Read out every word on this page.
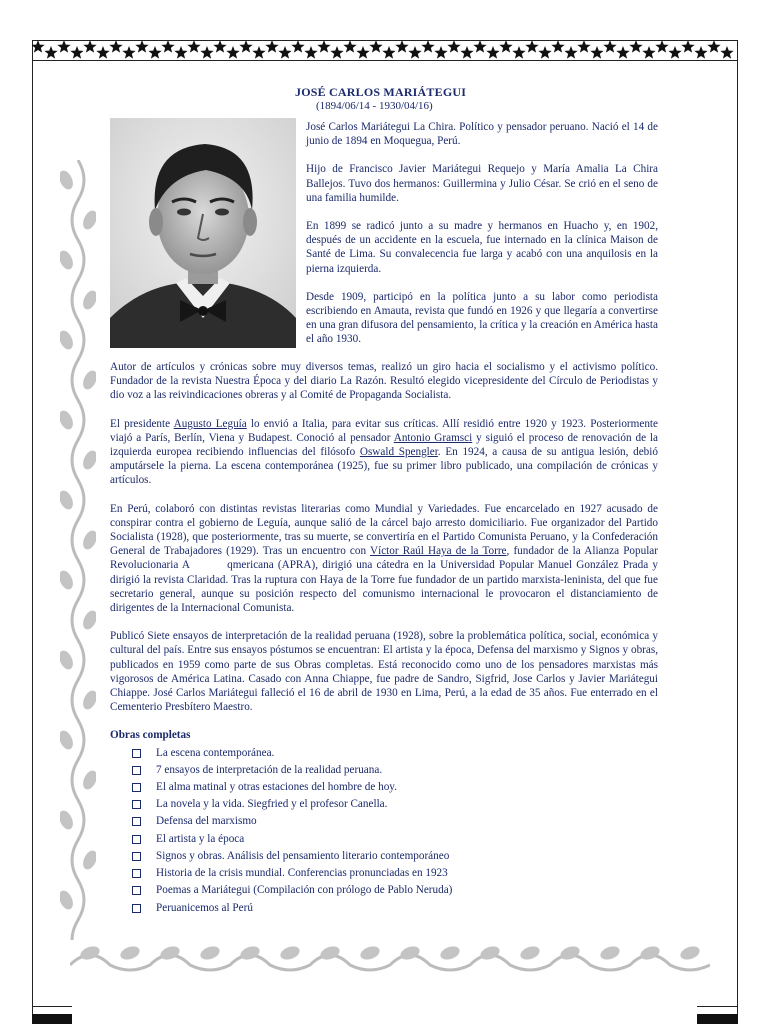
JOSÉ CARLOS MARIÁTEGUI
(1894/06/14 - 1930/04/16)

José Carlos Mariátegui La Chira. Político y pensador peruano. Nació el 14 de junio de 1894 en Moquegua, Perú.

Hijo de Francisco Javier Mariátegui Requejo y María Amalia La Chira Ballejos. Tuvo dos hermanos: Guillermina y Julio César. Se crió en el seno de una familia humilde.

En 1899 se radicó junto a su madre y hermanos en Huacho y, en 1902, después de un accidente en la escuela, fue internado en la clínica Maison de Santé de Lima. Su convalecencia fue larga y acabó con una anquilosis en la pierna izquierda.

Desde 1909, participó en la política junto a su labor como periodista escribiendo en Amauta, revista que fundó en 1926 y que llegaría a convertirse en una gran difusora del pensamiento, la crítica y la creación en América hasta el año 1930.

Autor de artículos y crónicas sobre muy diversos temas, realizó un giro hacia el socialismo y el activismo político. Fundador de la revista Nuestra Época y del diario La Razón. Resultó elegido vicepresidente del Círculo de Periodistas y dio voz a las reivindicaciones obreras y al Comité de Propaganda Socialista.

El presidente Augusto Leguía lo envió a Italia, para evitar sus críticas. Allí residió entre 1920 y 1923. Posteriormente viajó a París, Berlín, Viena y Budapest. Conoció al pensador Antonio Gramsci y siguió el proceso de renovación de la izquierda europea recibiendo influencias del filósofo Oswald Spengler. En 1924, a causa de su antigua lesión, debió amputársele la pierna. La escena contemporánea (1925), fue su primer libro publicado, una compilación de crónicas y artículos.

En Perú, colaboró con distintas revistas literarias como Mundial y Variedades. Fue encarcelado en 1927 acusado de conspirar contra el gobierno de Leguía, aunque salió de la cárcel bajo arresto domiciliario. Fue organizador del Partido Socialista (1928), que posteriormente, tras su muerte, se convertiría en el Partido Comunista Peruano, y la Confederación General de Trabajadores (1929). Tras un encuentro con Víctor Raúl Haya de la Torre, fundador de la Alianza Popular Revolucionaria A         qmericana (APRA), dirigió una cátedra en la Universidad Popular Manuel González Prada y dirigió la revista Claridad. Tras la ruptura con Haya de la Torre fue fundador de un partido marxista-leninista, del que fue secretario general, aunque su posición respecto del comunismo internacional le provocaron el distanciamiento de dirigentes de la Internacional Comunista.

Publicó Siete ensayos de interpretación de la realidad peruana (1928), sobre la problemática política, social, económica y cultural del país. Entre sus ensayos póstumos se encuentran: El artista y la época, Defensa del marxismo y Signos y obras, publicados en 1959 como parte de sus Obras completas. Está reconocido como uno de los pensadores marxistas más vigorosos de América Latina. Casado con Anna Chiappe, fue padre de Sandro, Sigfrid, Jose Carlos y Javier Mariátegui Chiappe. José Carlos Mariátegui falleció el 16 de abril de 1930 en Lima, Perú, a la edad de 35 años. Fue enterrado en el Cementerio Presbítero Maestro.

Obras completas
La escena contemporánea.
7 ensayos de interpretación de la realidad peruana.
El alma matinal y otras estaciones del hombre de hoy.
La novela y la vida. Siegfried y el profesor Canella.
Defensa del marxismo
El artista y la época
Signos y obras. Análisis del pensamiento literario contemporáneo
Historia de la crisis mundial. Conferencias pronunciadas en 1923
Poemas a Mariátegui (Compilación con prólogo de Pablo Neruda)
Peruanicemos al Perú
